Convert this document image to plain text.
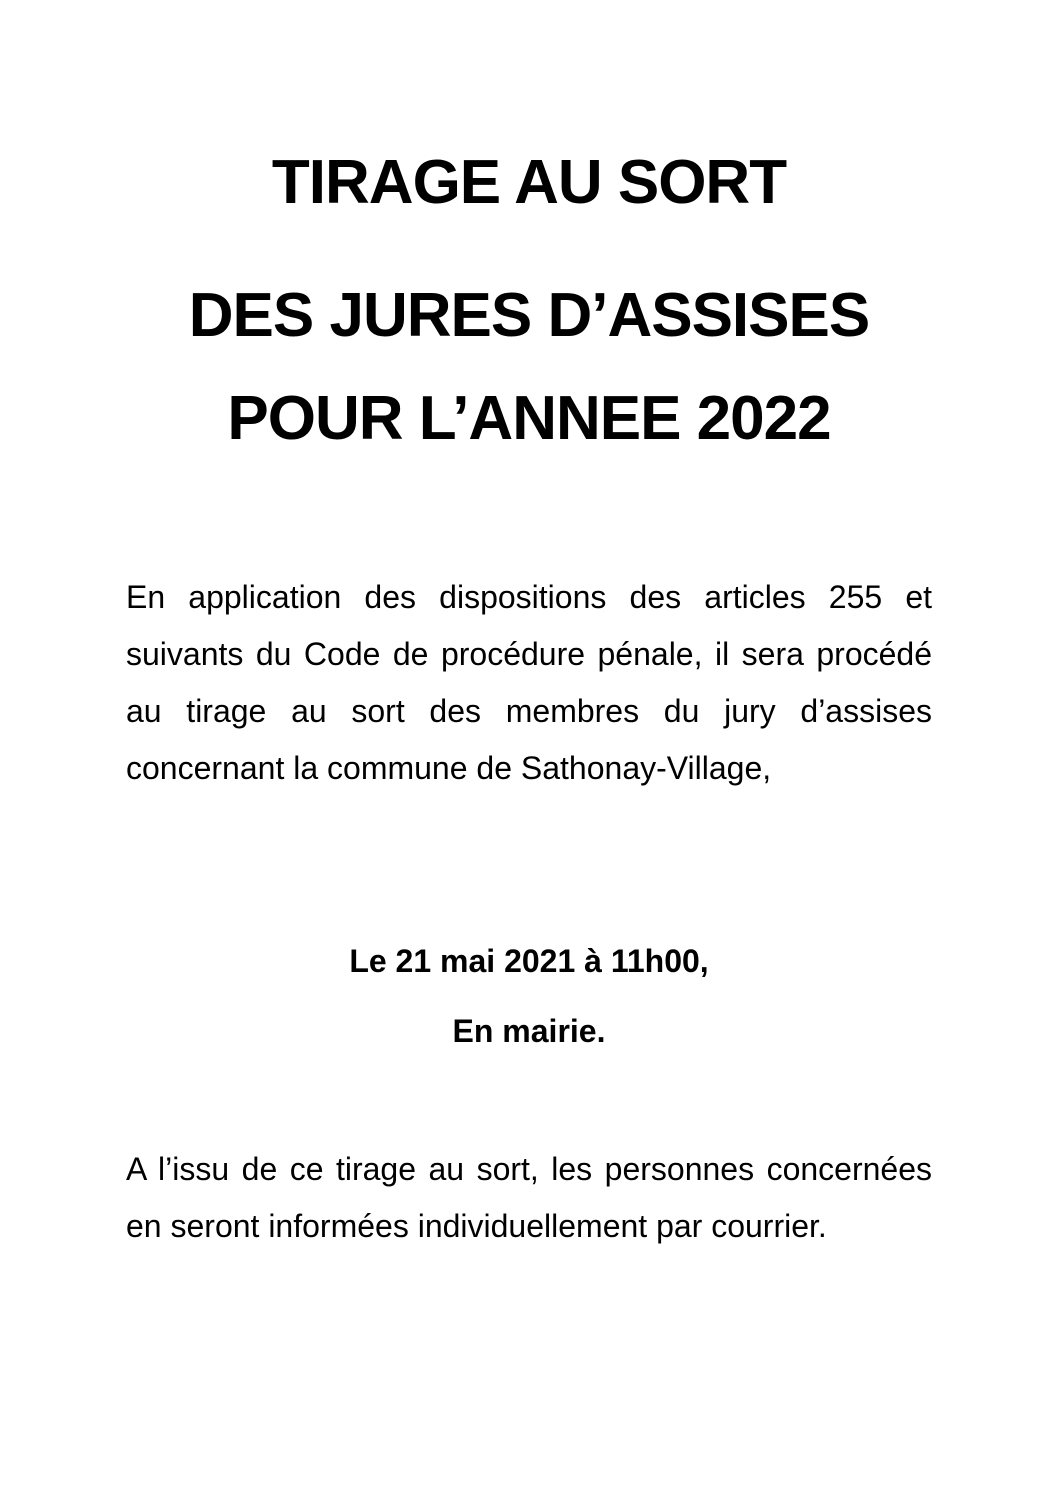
TIRAGE AU SORT
DES JURES D’ASSISES
POUR L’ANNEE 2022
En application des dispositions des articles 255 et suivants du Code de procédure pénale, il sera procédé au tirage au sort des membres du jury d’assises concernant la commune de Sathonay-Village,
Le 21 mai 2021 à 11h00,
En mairie.
A l’issu de ce tirage au sort, les personnes concernées en seront informées individuellement par courrier.
